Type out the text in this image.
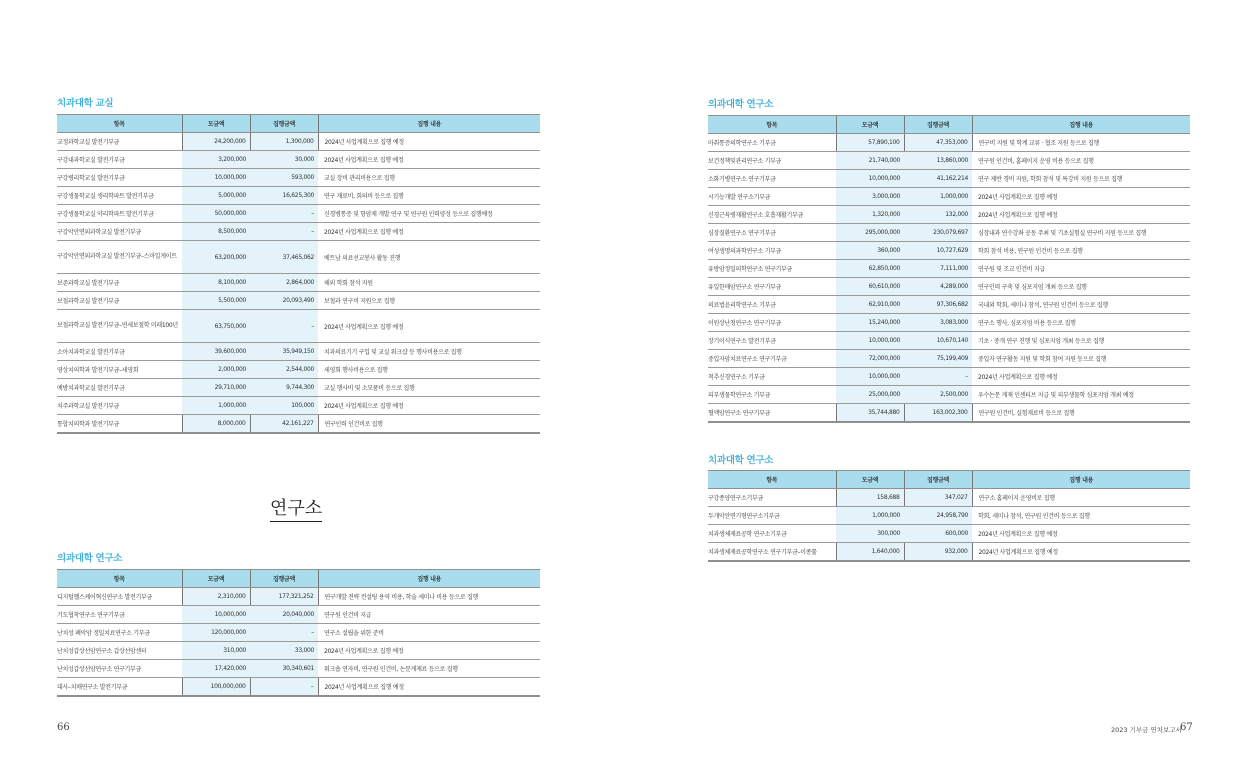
치과대학 교실
항목	모금액	집행금액	집행 내용
교정과학교실 발전기부금	24,200,000	1,300,000	2024년 사업계획으로 집행 예정
구강내과학교실 발전기부금	3,200,000	30,000	2024년 사업계획으로 집행 예정
구강병리학교실 발전기부금	10,000,000	593,000	교실 장비 관리비용으로 집행
구강생물학교실 생리학파트 발전기부금	5,000,000	16,625,300	연구 재료비, 회의비 등으로 집행
구강생물학교실 약리학파트 발전기부금	50,000,000	–	신경병통증 및 항암제 개발 연구 및 연구원 인력양성 등으로 집행예정
구강악안면외과학교실 발전기부금	8,500,000	–	2024년 사업계획으로 집행 예정
구강악안면외과학교실 발전기부금–스마일게이트	63,200,000	37,465,062	베트남 의료선교봉사 활동 진행
보존과학교실 발전기부금	8,100,000	2,864,000	해외 학회 참석 지원
보철과학교실 발전기부금	5,500,000	20,093,490	보철과 연구비 지원으로 집행
보철과학교실 발전기부금–연세보철학 미래100년	63,750,000	–	2024년 사업계획으로 집행 예정
소아치과학교실 발전기부금	39,600,000	35,949,150	치과의료기기 구입 및 교실 워크샵 등 행사비용으로 집행
영상치의학과 발전기부금–세영회	2,000,000	2,544,000	세영회 행사비용으로 집행
예방치과학교실 발전기부금	29,710,000	9,744,300	교실 행사비 및 소모품비 등으로 집행
치주과학교실 발전기부금	1,000,000	100,000	2024년 사업계획으로 집행 예정
통합치의학과 발전기부금	8,000,000	42,161,227	연구인력 인건비로 집행
연구소
의과대학 연구소
항목	모금액	집행금액	집행 내용
디지털헬스케어혁신연구소 발전기부금	2,310,000	177,321,252	연구개발 전략 컨설팅 용역 비용, 학술 세미나 비용 등으로 집행
기도협착연구소 연구기부금	10,000,000	20,040,000	연구원 인건비 지급
난치성 폐악암 정밀치료연구소 기부금	120,000,000	–	연구소 설립을 위한 준비
난치성갑상선암연구소 갑상선암센터	310,000	33,000	2024년 사업계획으로 집행 예정
난치성갑상선암연구소 연구기부금	17,420,000	30,340,601	워크숍 연자비, 연구원 인건비, 논문게재료 등으로 집행
대사–치매연구소 발전기부금	100,000,000	–	2024년 사업계획으로 집행 예정
66
의과대학 연구소
항목	모금액	집행금액	집행 내용
마취통증의학연구소 기부금	57,890,100	47,353,000	연구비 지원 및 학계 교류 · 협조 지원 등으로 집행
보건정책및관리연구소 기부금	21,740,000	13,860,000	연구원 인건비, 홈페이지 운영 비용 등으로 집행
소화기병연구소 연구기부금	10,000,000	41,162,214	연구 제반 경비 지원, 학회 참석 및 특강비 지원 등으로 집행
시기능개발 연구소기부금	3,000,000	1,000,000	2024년 사업계획으로 집행 예정
신경근육병재활연구소 호흡재활기부금	1,320,000	132,000	2024년 사업계획으로 집행 예정
심장질환연구소 연구기부금	295,000,000	230,079,697	심장내과 연수강좌 공동 주최 및 기초실험실 연구비 지원 등으로 집행
여성생명의과학연구소 기부금	360,000	10,727,629	학회 참석 비용, 연구원 인건비 등으로 집행
유방암정밀의학연구소 연구기부금	62,850,000	7,111,000	연구원 및 조교 인건비 지급
유일한매암연구소 연구기부금	60,610,000	4,289,000	연구인력 구축 및 심포지엄 개최 등으로 집행
의료법윤리학연구소 기부금	62,910,000	97,306,682	국내외 학회, 세미나 참석, 연구원 인건비 등으로 집행
이원상난청연구소 연구기부금	15,240,000	3,083,000	연구소 행사, 심포지엄 비용 등으로 집행
장기이식연구소 발전기부금	10,000,000	10,670,140	기초 · 중개 연구 진행 및 심포지엄 개최 등으로 집행
중입자암치료연구소 연구기부금	72,000,000	75,199,409	중입자 연구활동 지원 및 학회 참여 지원 등으로 집행
척추신경연구소 기부금	10,000,000	–	2024년 사업계획으로 집행 예정
피부생물학연구소 기부금	25,000,000	2,500,000	우수논문 게재 인센티브 지급 및 피부생물학 심포지엄 개최 예정
혈액암연구소 연구기부금	35,744,880	163,002,300	연구원 인건비, 실험재료비 등으로 집행
치과대학 연구소
항목	모금액	집행금액	집행 내용
구강종양연구소기부금	158,688	347,027	연구소 홈페이지 운영비로 집행
두개악안면기형연구소기부금	1,000,000	24,958,790	학회, 세미나 참석, 연구원 인건비 등으로 집행
치과생체재료공학 연구소기부금	300,000	600,000	2024년 사업계획으로 집행 예정
치과생체재료공학연구소 연구기부금–이종률	1,640,000	932,000	2024년 사업계획으로 집행 예정
2023 기부금 연차보고서
67
